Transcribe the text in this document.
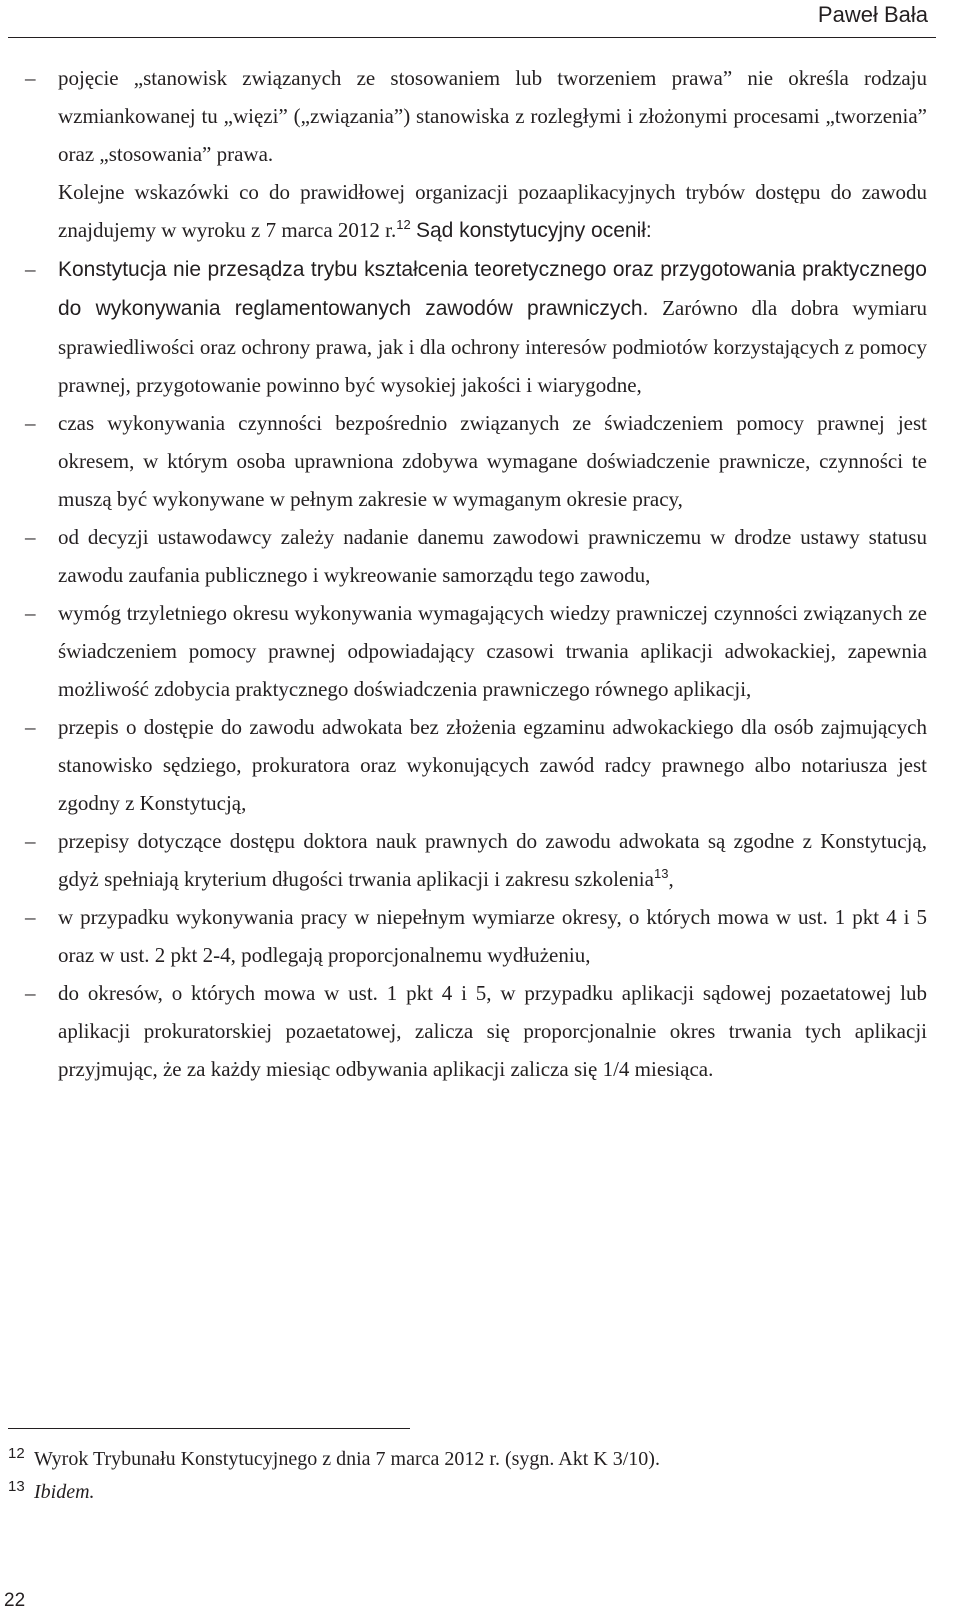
Paweł Bała
–	pojęcie „stanowisk związanych ze stosowaniem lub tworzeniem prawa” nie określa rodzaju wzmiankowanej tu „więzi” („związania”) stanowiska z rozległymi i złożonymi procesami „tworzenia” oraz „stosowania” prawa.
Kolejne wskazówki co do prawidłowej organizacji pozaaplikacyjnych trybów dostępu do zawodu znajdujemy w wyroku z 7 marca 2012 r.$^{12}$ Sąd konstytucyjny ocenił:
–	Konstytucja nie przesądza trybu kształcenia teoretycznego oraz przygotowania praktycznego do wykonywania reglamentowanych zawodów prawniczych. Zarówno dla dobra wymiaru sprawiedliwości oraz ochrony prawa, jak i dla ochrony interesów podmiotów korzystających z pomocy prawnej, przygotowanie powinno być wysokiej jakości i wiarygodne,
–	czas wykonywania czynności bezpośrednio związanych ze świadczeniem pomocy prawnej jest okresem, w którym osoba uprawniona zdobywa wymagane doświadczenie prawnicze, czynności te muszą być wykonywane w pełnym zakresie w wymaganym okresie pracy,
–	od decyzji ustawodawcy zależy nadanie danemu zawodowi prawniczemu w drodze ustawy statusu zawodu zaufania publicznego i wykreowanie samorządu tego zawodu,
–	wymóg trzyletniego okresu wykonywania wymagających wiedzy prawniczej czynności związanych ze świadczeniem pomocy prawnej odpowiadający czasowi trwania aplikacji adwokackiej, zapewnia możliwość zdobycia praktycznego doświadczenia prawniczego równego aplikacji,
–	przepis o dostępie do zawodu adwokata bez złożenia egzaminu adwokackiego dla osób zajmujących stanowisko sędziego, prokuratora oraz wykonujących zawód radcy prawnego albo notariusza jest zgodny z Konstytucją,
–	przepisy dotyczące dostępu doktora nauk prawnych do zawodu adwokata są zgodne z Konstytucją, gdyż spełniają kryterium długości trwania aplikacji i zakresu szkolenia$^{13}$,
–	w przypadku wykonywania pracy w niepełnym wymiarze okresy, o których mowa w ust. 1 pkt 4 i 5 oraz w ust. 2 pkt 2-4, podlegają proporcjonalnemu wydłużeniu,
–	do okresów, o których mowa w ust. 1 pkt 4 i 5, w przypadku aplikacji sądowej pozaetatowej lub aplikacji prokuratorskiej pozaetatowej, zalicza się proporcjonalnie okres trwania tych aplikacji przyjmując, że za każdy miesiąc odbywania aplikacji zalicza się 1/4 miesiąca.
12 Wyrok Trybunału Konstytucyjnego z dnia 7 marca 2012 r. (sygn. Akt K 3/10).
13 Ibidem.
22
